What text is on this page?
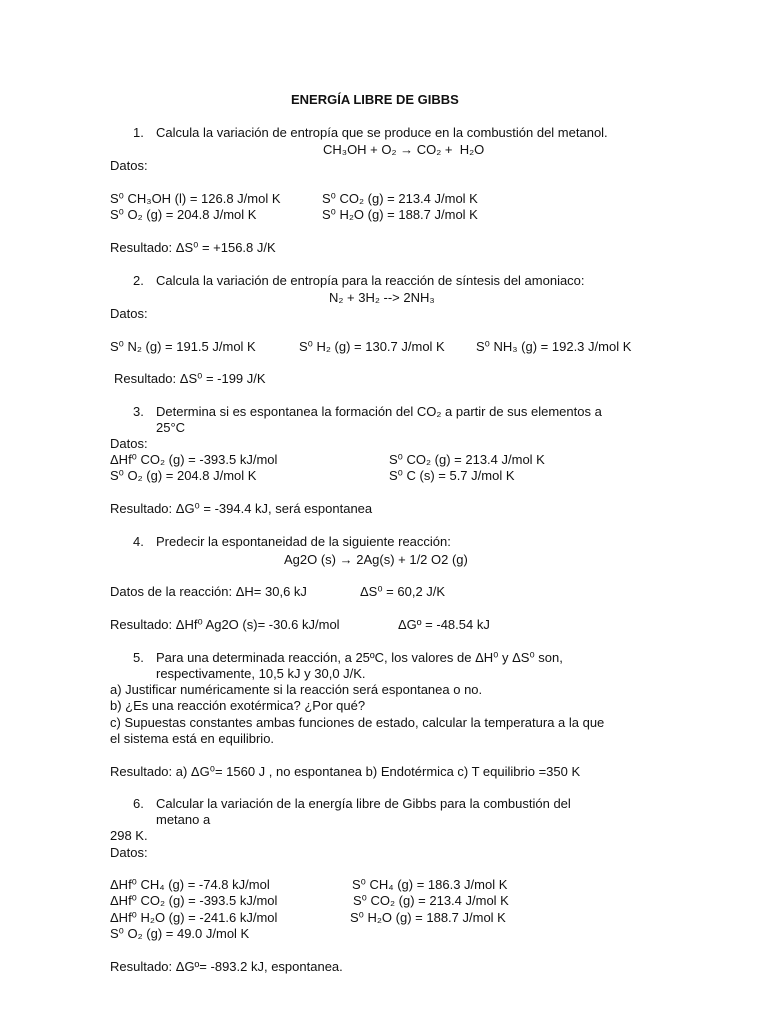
ENERGÍA LIBRE DE GIBBS
1. Calcula la variación de entropía que se produce en la combustión del metanol.
CH₃OH + O₂ → CO₂ +  H₂O
Datos:
S⁰ CH₃OH (l) = 126.8 J/mol K	S⁰ CO₂ (g) = 213.4 J/mol K
S⁰ O₂ (g) = 204.8 J/mol K	S⁰ H₂O (g) = 188.7 J/mol K
Resultado: ΔS⁰ = +156.8 J/K
2. Calcula la variación de entropía para la reacción de síntesis del amoniaco:
N₂ + 3H₂ --> 2NH₃
Datos:
S⁰ N₂ (g) = 191.5 J/mol K	S⁰ H₂ (g) = 130.7 J/mol K S⁰ NH₃ (g) = 192.3 J/mol K
Resultado: ΔS⁰ = -199 J/K
3. Determina si es espontanea la formación del CO₂ a partir de sus elementos a
25°C
Datos:
ΔHf⁰ CO₂ (g) = -393.5 kJ/mol	S⁰ CO₂ (g) = 213.4 J/mol K
S⁰ O₂ (g) = 204.8 J/mol K	S⁰ C (s) = 5.7 J/mol K
Resultado: ΔG⁰ = -394.4 kJ, será espontanea
4. Predecir la espontaneidad de la siguiente reacción:
Ag2O (s) → 2Ag(s) + 1/2 O2 (g)
Datos de la reacción: ΔH= 30,6 kJ	ΔS⁰ = 60,2 J/K
Resultado: ΔHf⁰ Ag2O (s)= -30.6 kJ/mol	ΔGº = -48.54 kJ
5. Para una determinada reacción, a 25ºC, los valores de ΔH⁰ y ΔS⁰ son,
respectivamente, 10,5 kJ y 30,0 J/K.
a) Justificar numéricamente si la reacción será espontanea o no.
b) ¿Es una reacción exotérmica? ¿Por qué?
c) Supuestas constantes ambas funciones de estado, calcular la temperatura a la que
el sistema está en equilibrio.
Resultado: a) ΔG⁰= 1560 J , no espontanea b) Endotérmica c) T equilibrio =350 K
6. Calcular la variación de la energía libre de Gibbs para la combustión del
metano a
298 K.
Datos:
ΔHf⁰ CH₄ (g) = -74.8 kJ/mol	S⁰ CH₄ (g) = 186.3 J/mol K
ΔHf⁰ CO₂ (g) = -393.5 kJ/mol	S⁰ CO₂ (g) = 213.4 J/mol K
ΔHf⁰ H₂O (g) = -241.6 kJ/mol	S⁰ H₂O (g) = 188.7 J/mol K
S⁰ O₂ (g) = 49.0 J/mol K
Resultado: ΔGº= -893.2 kJ, espontanea.
